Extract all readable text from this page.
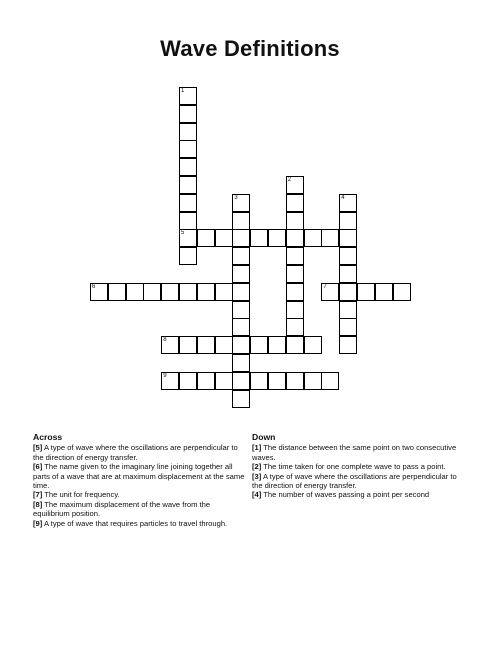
Wave Definitions
1
5
2
3	4
6	7
8
9
Across

[5] A type of wave where the oscillations are perpendicular to the direction of energy transfer.

[6] The name given to the imaginary line joining together all parts of a wave that are at maximum displacement at the same time.

[7] The unit for frequency.

[8] The maximum displacement of the wave from the equilibrium position.

[9] A type of wave that requires particles to travel through.

Down

[1] The distance between the same point on two consecutive waves.

[2] The time taken for one complete wave to pass a point.

[3] A type of wave where the oscillations are perpendicular to the direction of energy transfer.

[4] The number of waves passing a point per second
